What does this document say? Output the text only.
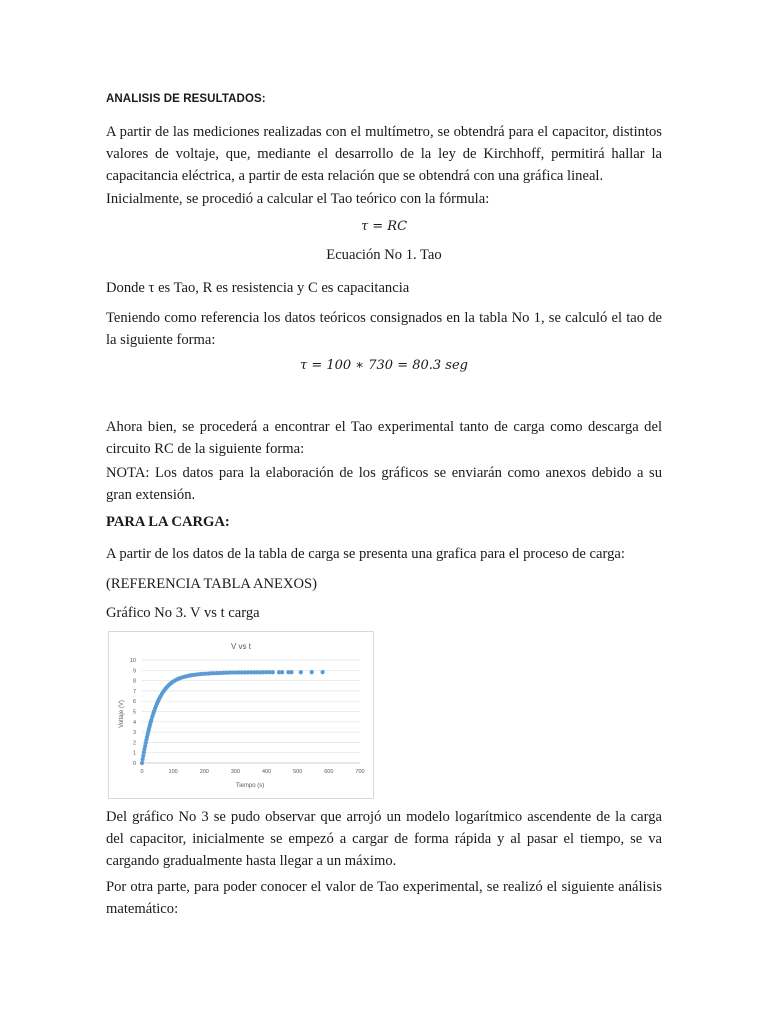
ANALISIS DE RESULTADOS:

A partir de las mediciones realizadas con el multímetro, se obtendrá para el capacitor, distintos valores de voltaje, que, mediante el desarrollo de la ley de Kirchhoff, permitirá hallar la capacitancia eléctrica, a partir de esta relación que se obtendrá con una gráfica lineal.

Inicialmente, se procedió a calcular el Tao teórico con la fórmula:

τ = RC
Ecuación No 1. Tao

Donde τ es Tao, R es resistencia y C es capacitancia

Teniendo como referencia los datos teóricos consignados en la tabla No 1, se calculó el tao de la siguiente forma:

τ = 100 ∗ 730 = 80.3 seg

Ahora bien, se procederá a encontrar el Tao experimental tanto de carga como descarga del circuito RC de la siguiente forma:

NOTA: Los datos para la elaboración de los gráficos se enviarán como anexos debido a su gran extensión.

PARA LA CARGA:

A partir de los datos de la tabla de carga se presenta una grafica para el proceso de carga:

(REFERENCIA TABLA ANEXOS)

Gráfico No 3. V vs t carga

V vs t
Voltaje (V)
Tiempo (s)
0
1
2
3
4
5
6
7
8
9
10
0	100	200	300	400	500	600	700

Del gráfico No 3 se pudo observar que arrojó un modelo logarítmico ascendente de la carga del capacitor, inicialmente se empezó a cargar de forma rápida y al pasar el tiempo, se va cargando gradualmente hasta llegar a un máximo.

Por otra parte, para poder conocer el valor de Tao experimental, se realizó el siguiente análisis matemático:
